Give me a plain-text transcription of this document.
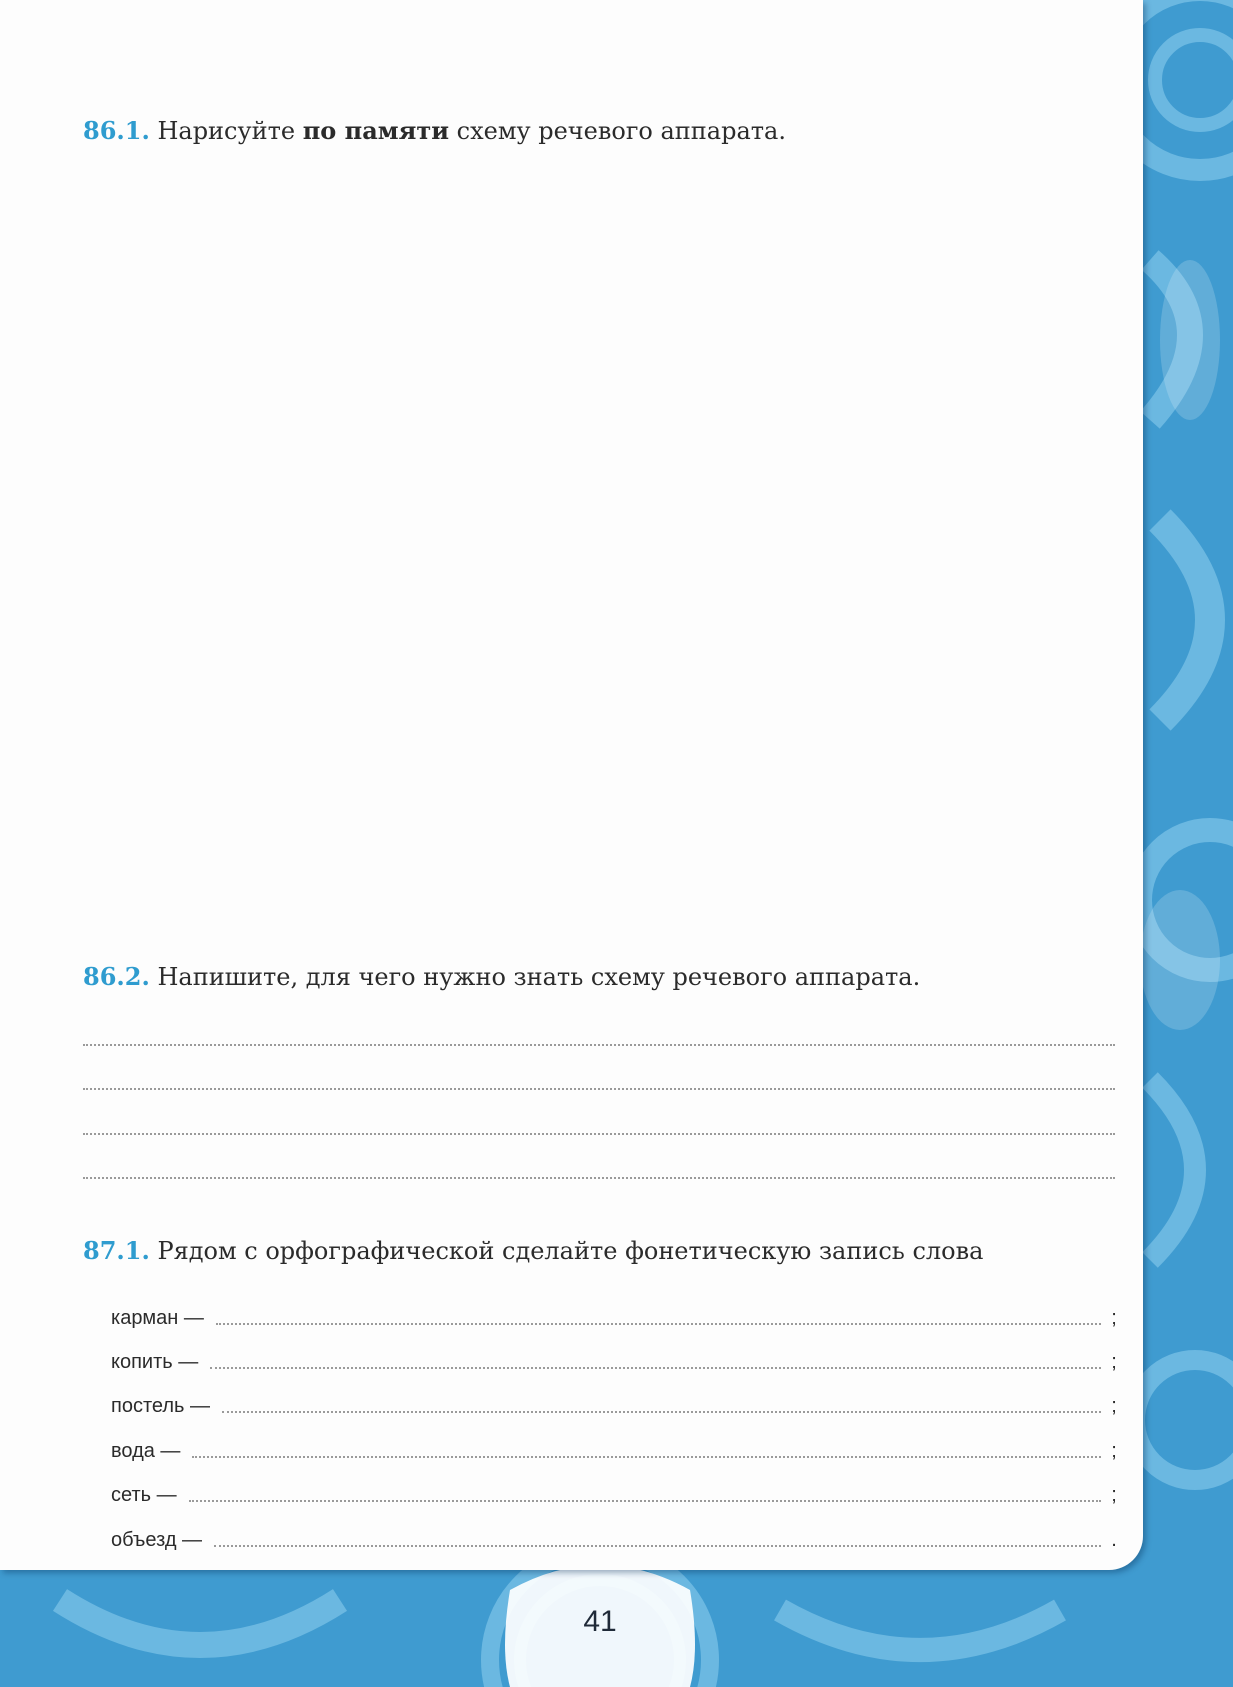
86.1. Нарисуйте по памяти схему речевого аппарата.
86.2. Напишите, для чего нужно знать схему речевого аппарата.
87.1. Рядом с орфографической сделайте фонетическую запись слова
карман —	;
копить —	;
постель —	;
вода —	;
сеть —	;
объезд —	.
41
